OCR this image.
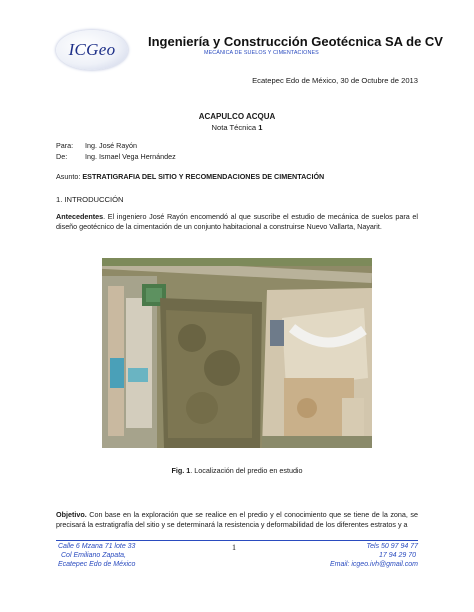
ICGeo	Ingeniería y Construcción Geotécnica SA de CV
MECÁNICA DE SUELOS Y CIMENTACIONES
Ecatepec Edo de México, 30 de Octubre de 2013
ACAPULCO ACQUA
Nota Técnica 1
Para: Ing. José Rayón
De: Ing. Ismael Vega Hernández
Asunto: ESTRATIGRAFIA DEL SITIO Y RECOMENDACIONES DE CIMENTACIÓN
1. INTRODUCCIÓN
Antecedentes. El ingeniero José Rayón encomendó al que suscribe el estudio de mecánica de suelos para el diseño geotécnico de la cimentación de un conjunto habitacional a construirse Nuevo Vallarta, Nayarit.
Fig. 1. Localización del predio en estudio
Objetivo. Con base en la exploración que se realice en el predio y el conocimiento que se tiene de la zona, se precisará la estratigrafía del sitio y se determinará la resistencia y deformabilidad de los diferentes estratos y a
Calle 6 Mzana 71 lote 33
Col Emiliano Zapata,
Ecatepec Edo de México
1	Tels 50 97 94 77
17 94 29 70
Email: icgeo.ivh@gmail.com
